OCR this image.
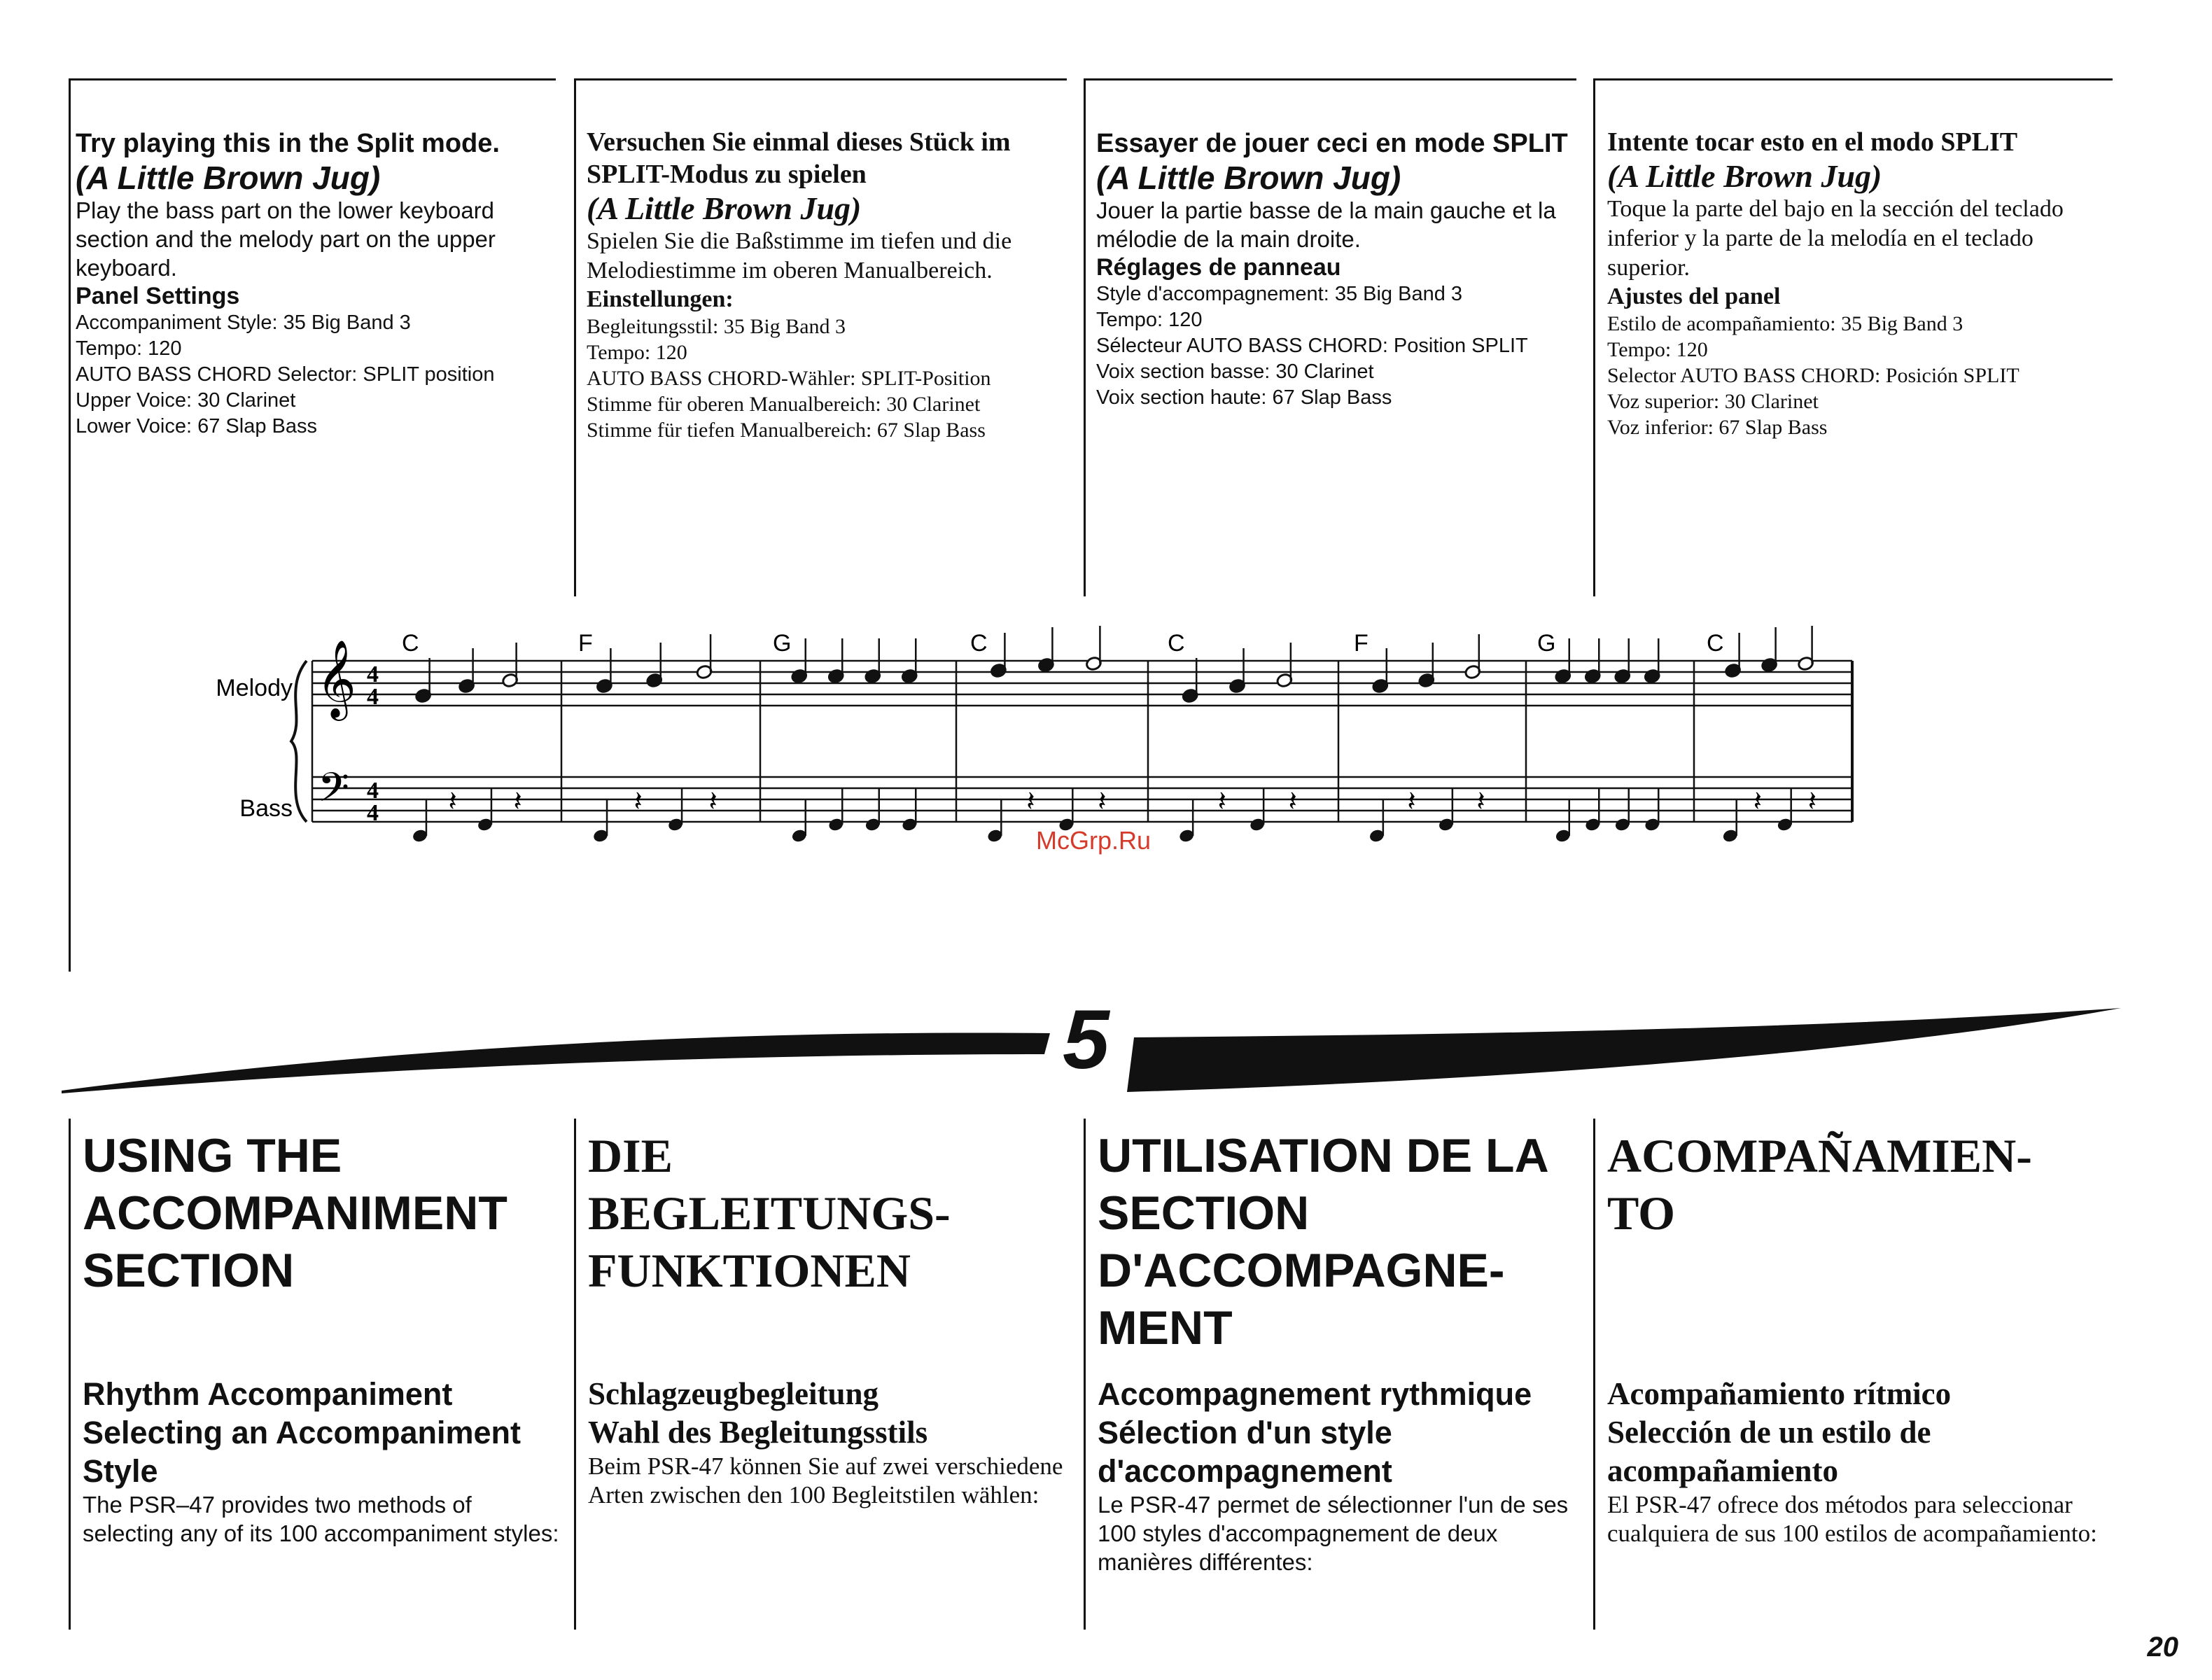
Try playing this in the Split mode.
(A Little Brown Jug)
Play the bass part on the lower keyboard section and the melody part on the upper keyboard.
Panel Settings
Accompaniment Style: 35 Big Band 3
Tempo: 120
AUTO BASS CHORD Selector: SPLIT position
Upper Voice: 30 Clarinet
Lower Voice: 67 Slap Bass
Versuchen Sie einmal dieses Stück im SPLIT-Modus zu spielen
(A Little Brown Jug)
Spielen Sie die Baßstimme im tiefen und die Melodiestimme im oberen Manualbereich.
Einstellungen:
Begleitungsstil: 35 Big Band 3
Tempo: 120
AUTO BASS CHORD-Wähler: SPLIT-Position
Stimme für oberen Manualbereich: 30 Clarinet
Stimme für tiefen Manualbereich: 67 Slap Bass
Essayer de jouer ceci en mode SPLIT
(A Little Brown Jug)
Jouer la partie basse de la main gauche et la mélodie de la main droite.
Réglages de panneau
Style d'accompagnement: 35 Big Band 3
Tempo: 120
Sélecteur AUTO BASS CHORD: Position SPLIT
Voix section basse: 30 Clarinet
Voix section haute: 67 Slap Bass
Intente tocar esto en el modo SPLIT
(A Little Brown Jug)
Toque la parte del bajo en la sección del teclado inferior y la parte de la melodía en el teclado superior.
Ajustes del panel
Estilo de acompañamiento: 35 Big Band 3
Tempo: 120
Selector AUTO BASS CHORD: Posición SPLIT
Voz superior: 30 Clarinet
Voz inferior: 67 Slap Bass
𝄞
𝄢
4
4
4
4 𝄽 𝄽	𝄽 𝄽	𝄽 𝄽	𝄽 𝄽	𝄽 𝄽	𝄽 𝄽
Melody
Bass
C	F	G	C	C	F	G	C
McGrp.Ru
5
USING THE
ACCOMPANIMENT
SECTION
Rhythm Accompaniment
Selecting an Accompaniment
Style
The PSR–47 provides two methods of selecting any of its 100 accompaniment styles:
DIE
BEGLEITUNGS-
FUNKTIONEN
Schlagzeugbegleitung
Wahl des Begleitungsstils
Beim PSR-47 können Sie auf zwei verschiedene Arten zwischen den 100 Begleitstilen wählen:
UTILISATION DE LA
SECTION
D'ACCOMPAGNE-
MENT
Accompagnement rythmique
Sélection d'un style
d'accompagnement
Le PSR-47 permet de sélectionner l'un de ses 100 styles d'accompagnement de deux manières différentes:
ACOMPAÑAMIEN-
TO
Acompañamiento rítmico
Selección de un estilo de
acompañamiento
El PSR-47 ofrece dos métodos para seleccionar cualquiera de sus 100 estilos de acompañamiento:
20
